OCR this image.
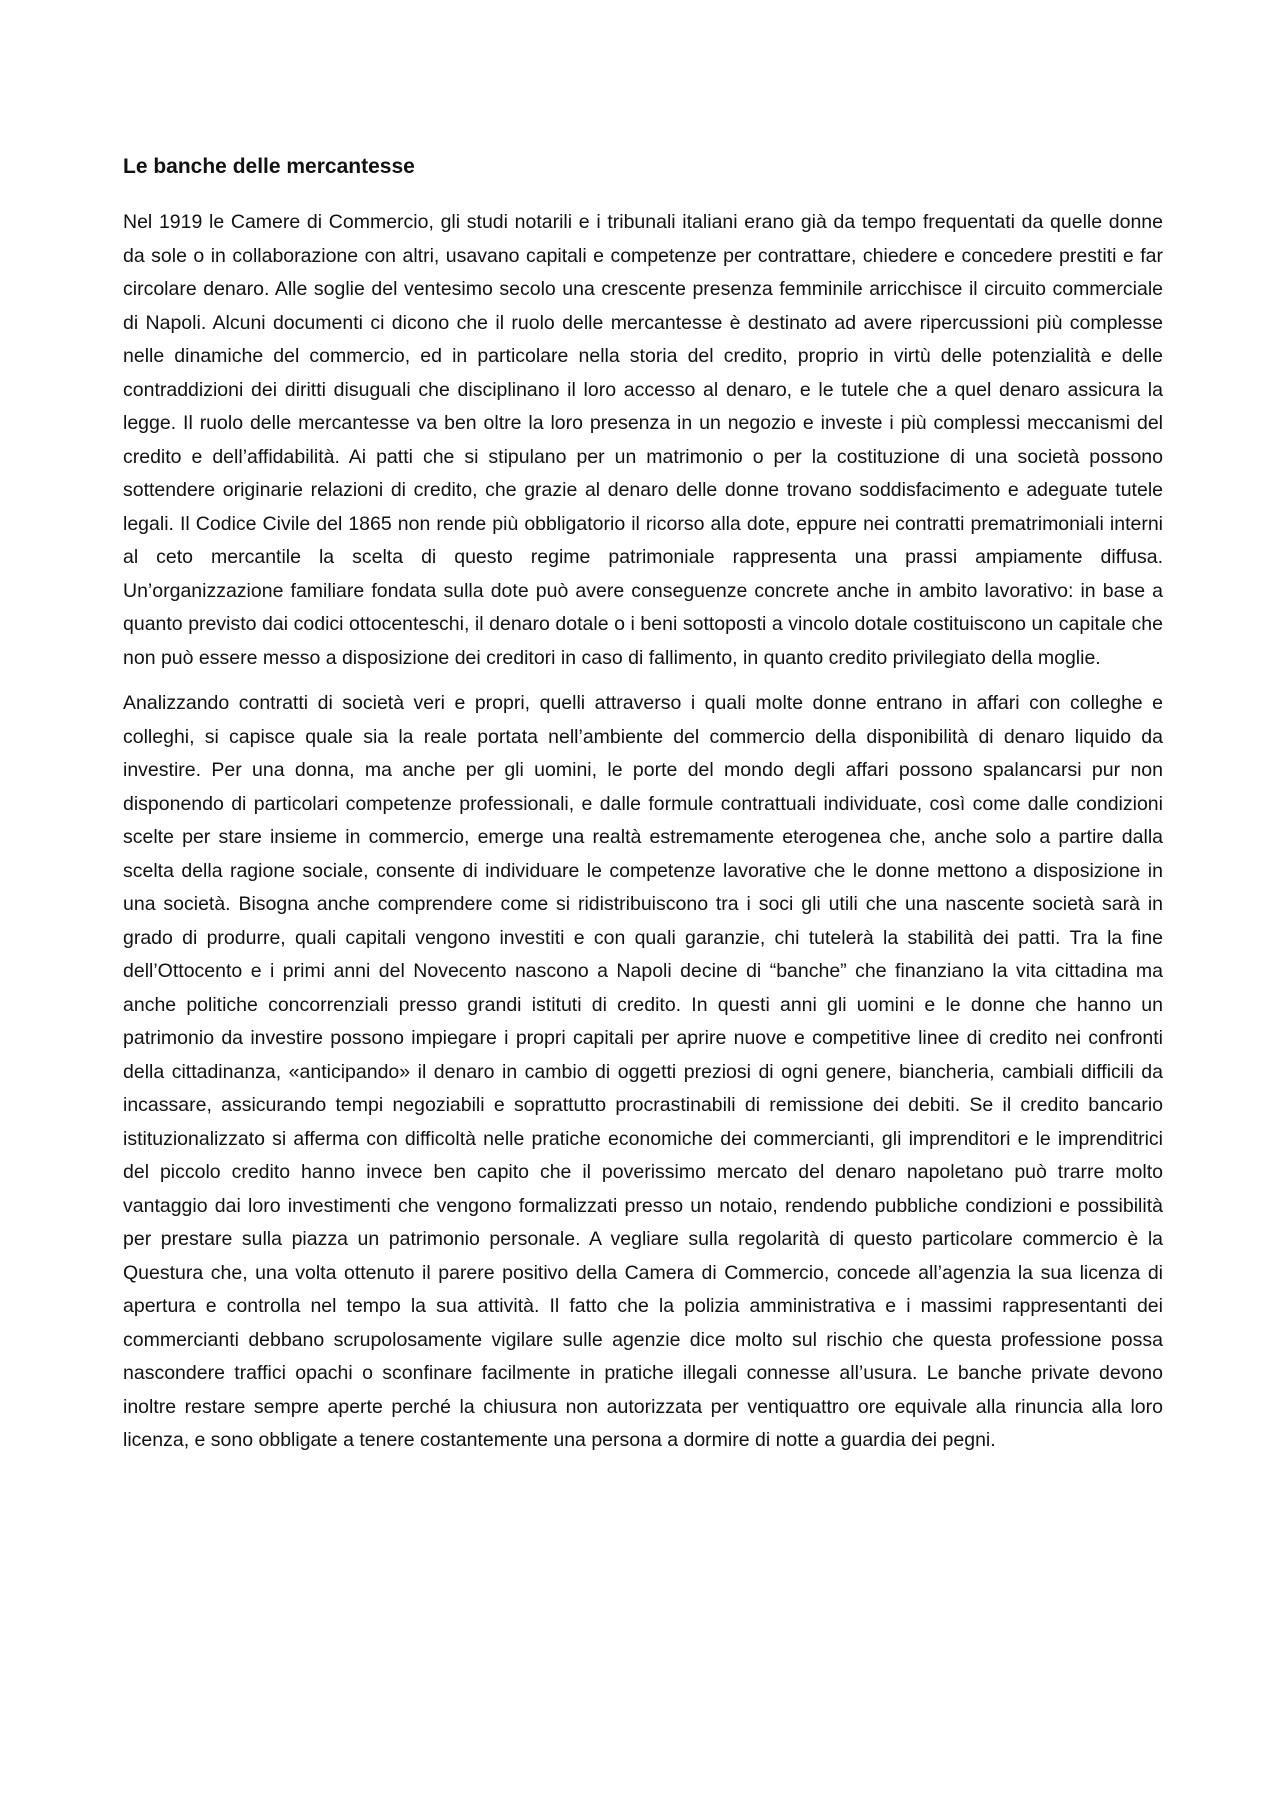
Le banche delle mercantesse

Nel 1919 le Camere di Commercio, gli studi notarili e i tribunali italiani erano già da tempo frequentati da quelle donne da sole o in collaborazione con altri, usavano capitali e competenze per contrattare, chiedere e concedere prestiti e far circolare denaro. Alle soglie del ventesimo secolo una crescente presenza femminile arricchisce il circuito commerciale di Napoli. Alcuni documenti ci dicono che il ruolo delle mercantesse è destinato ad avere ripercussioni più complesse nelle dinamiche del commercio, ed in particolare nella storia del credito, proprio in virtù delle potenzialità e delle contraddizioni dei diritti disuguali che disciplinano il loro accesso al denaro, e le tutele che a quel denaro assicura la legge. Il ruolo delle mercantesse va ben oltre la loro presenza in un negozio e investe i più complessi meccanismi del credito e dell’affidabilità. Ai patti che si stipulano per un matrimonio o per la costituzione di una società possono sottendere originarie relazioni di credito, che grazie al denaro delle donne trovano soddisfacimento e adeguate tutele legali. Il Codice Civile del 1865 non rende più obbligatorio il ricorso alla dote, eppure nei contratti prematrimoniali interni al ceto mercantile la scelta di questo regime patrimoniale rappresenta una prassi ampiamente diffusa. Un’organizzazione familiare fondata sulla dote può avere conseguenze concrete anche in ambito lavorativo: in base a quanto previsto dai codici ottocenteschi, il denaro dotale o i beni sottoposti a vincolo dotale costituiscono un capitale che non può essere messo a disposizione dei creditori in caso di fallimento, in quanto credito privilegiato della moglie.

Analizzando contratti di società veri e propri, quelli attraverso i quali molte donne entrano in affari con colleghe e colleghi, si capisce quale sia la reale portata nell’ambiente del commercio della disponibilità di denaro liquido da investire. Per una donna, ma anche per gli uomini, le porte del mondo degli affari possono spalancarsi pur non disponendo di particolari competenze professionali, e dalle formule contrattuali individuate, così come dalle condizioni scelte per stare insieme in commercio, emerge una realtà estremamente eterogenea che, anche solo a partire dalla scelta della ragione sociale, consente di individuare le competenze lavorative che le donne mettono a disposizione in una società. Bisogna anche comprendere come si ridistribuiscono tra i soci gli utili che una nascente società sarà in grado di produrre, quali capitali vengono investiti e con quali garanzie, chi tutelerà la stabilità dei patti. Tra la fine dell’Ottocento e i primi anni del Novecento nascono a Napoli decine di “banche” che finanziano la vita cittadina ma anche politiche concorrenziali presso grandi istituti di credito. In questi anni gli uomini e le donne che hanno un patrimonio da investire possono impiegare i propri capitali per aprire nuove e competitive linee di credito nei confronti della cittadinanza, «anticipando» il denaro in cambio di oggetti preziosi di ogni genere, biancheria, cambiali difficili da incassare, assicurando tempi negoziabili e soprattutto procrastinabili di remissione dei debiti. Se il credito bancario istituzionalizzato si afferma con difficoltà nelle pratiche economiche dei commercianti, gli imprenditori e le imprenditrici del piccolo credito hanno invece ben capito che il poverissimo mercato del denaro napoletano può trarre molto vantaggio dai loro investimenti che vengono formalizzati presso un notaio, rendendo pubbliche condizioni e possibilità per prestare sulla piazza un patrimonio personale. A vegliare sulla regolarità di questo particolare commercio è la Questura che, una volta ottenuto il parere positivo della Camera di Commercio, concede all’agenzia la sua licenza di apertura e controlla nel tempo la sua attività. Il fatto che la polizia amministrativa e i massimi rappresentanti dei commercianti debbano scrupolosamente vigilare sulle agenzie dice molto sul rischio che questa professione possa nascondere traffici opachi o sconfinare facilmente in pratiche illegali connesse all’usura. Le banche private devono inoltre restare sempre aperte perché la chiusura non autorizzata per ventiquattro ore equivale alla rinuncia alla loro licenza, e sono obbligate a tenere costantemente una persona a dormire di notte a guardia dei pegni.
